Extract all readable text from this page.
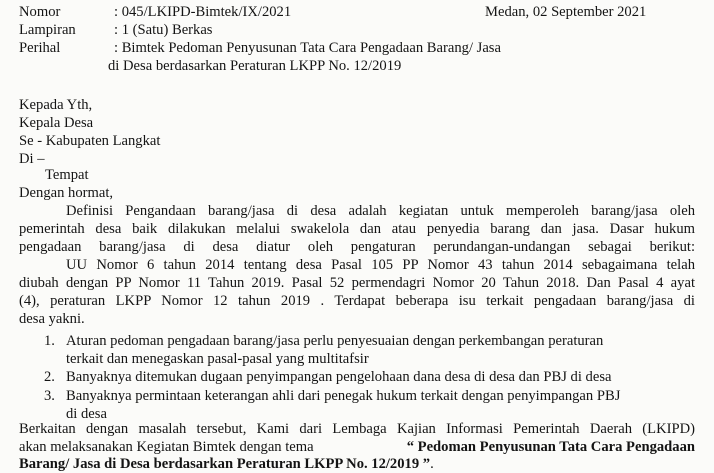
Nomor	: 045/LKIPD-Bimtek/IX/2021	Medan, 02 September 2021
Lampiran	: 1 (Satu) Berkas
Perihal	: Bimtek Pedoman Penyusunan Tata Cara Pengadaan Barang/ Jasa
di Desa berdasarkan Peraturan LKPP No. 12/2019
Kepada Yth,
Kepala Desa
Se - Kabupaten Langkat
Di –
Tempat
Dengan hormat,
Definisi Pengandaan barang/jasa di desa adalah kegiatan untuk memperoleh barang/jasa oleh
pemerintah desa baik dilakukan melalui swakelola dan atau penyedia barang dan jasa. Dasar hukum
pengadaan barang/jasa di desa diatur oleh pengaturan perundangan-undangan sebagai berikut:
UU Nomor 6 tahun 2014 tentang desa Pasal 105 PP Nomor 43 tahun 2014 sebagaimana telah
diubah dengan PP Nomor 11 Tahun 2019. Pasal 52 permendagri Nomor 20 Tahun 2018. Dan Pasal 4 ayat
(4), peraturan LKPP Nomor 12 tahun 2019 . Terdapat beberapa isu terkait pengadaan barang/jasa di
desa yakni.
1. Aturan pedoman pengadaan barang/jasa perlu penyesuaian dengan perkembangan peraturan
terkait dan menegaskan pasal-pasal yang multitafsir
2. Banyaknya ditemukan dugaan penyimpangan pengelohaan dana desa di desa dan PBJ di desa
3. Banyaknya permintaan keterangan ahli dari penegak hukum terkait dengan penyimpangan PBJ
di desa
Berkaitan dengan masalah tersebut, Kami dari Lembaga Kajian Informasi Pemerintah Daerah (LKIPD)
akan melaksanakan Kegiatan Bimtek dengan tema	“ Pedoman Penyusunan Tata Cara Pengadaan
Barang/ Jasa di Desa berdasarkan Peraturan LKPP No. 12/2019 ”.
